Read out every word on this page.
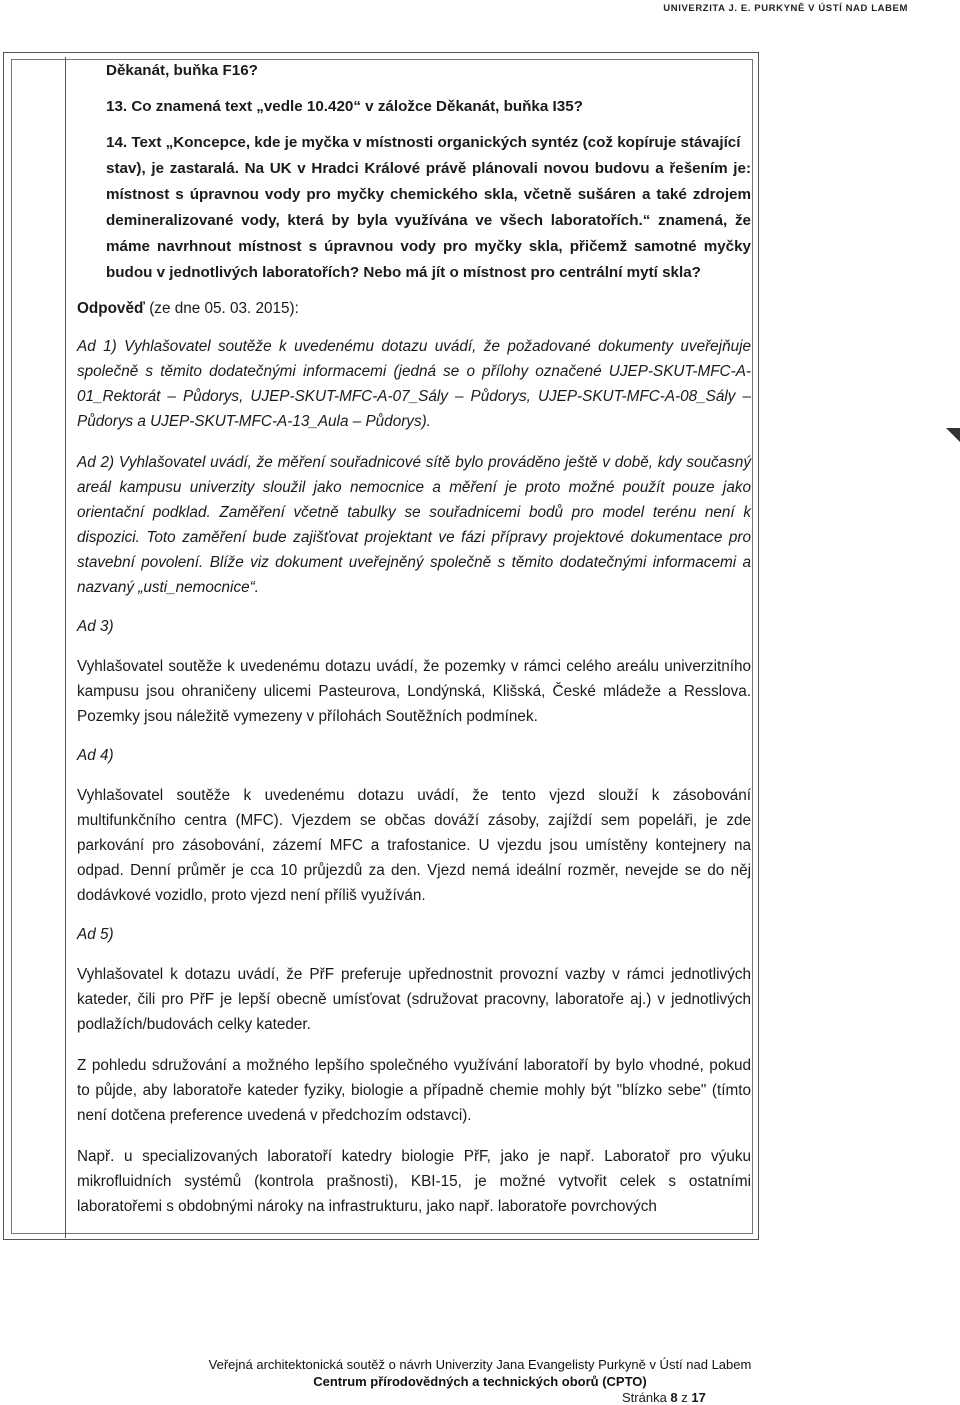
UNIVERZITA J. E. PURKYNĚ V ÚSTÍ NAD LABEM

Děkanát, buňka F16?

13. Co znamená text „vedle 10.420“ v záložce Děkanát, buňka I35?

14. Text „Koncepce, kde je myčka v místnosti organických syntéz (což kopíruje stávající

stav), je zastaralá. Na UK v Hradci Králové právě plánovali novou budovu a řešením je: místnost s úpravnou vody pro myčky chemického skla, včetně sušáren a také zdrojem demineralizované vody, která by byla využívána ve všech laboratořích.“ znamená, že máme navrhnout místnost s úpravnou vody pro myčky skla, přičemž samotné myčky budou v jednotlivých laboratořích? Nebo má jít o místnost pro centrální mytí skla?

Odpověď (ze dne 05. 03. 2015):

Ad 1) Vyhlašovatel soutěže k uvedenému dotazu uvádí, že požadované dokumenty uveřejňuje společně s těmito dodatečnými informacemi (jedná se o přílohy označené UJEP-SKUT-MFC-A-01_Rektorát – Půdorys, UJEP-SKUT-MFC-A-07_Sály – Půdorys, UJEP-SKUT-MFC-A-08_Sály – Půdorys a UJEP-SKUT-MFC-A-13_Aula – Půdorys).

Ad 2) Vyhlašovatel uvádí, že měření souřadnicové sítě bylo prováděno ještě v době, kdy současný areál kampusu univerzity sloužil jako nemocnice a měření je proto možné použít pouze jako orientační podklad. Zaměření včetně tabulky se souřadnicemi bodů pro model terénu není k dispozici. Toto zaměření bude zajišťovat projektant ve fázi přípravy projektové dokumentace pro stavební povolení. Blíže viz dokument uveřejněný společně s těmito dodatečnými informacemi a nazvaný „usti_nemocnice“.

Ad 3)

Vyhlašovatel soutěže k uvedenému dotazu uvádí, že pozemky v rámci celého areálu univerzitního kampusu jsou ohraničeny ulicemi Pasteurova, Londýnská, Klišská, České mládeže a Resslova. Pozemky jsou náležitě vymezeny v přílohách Soutěžních podmínek.

Ad 4)

Vyhlašovatel soutěže k uvedenému dotazu uvádí, že tento vjezd slouží k zásobování multifunkčního centra (MFC). Vjezdem se občas dováží zásoby, zajíždí sem popeláři, je zde parkování pro zásobování, zázemí MFC a trafostanice. U vjezdu jsou umístěny kontejnery na odpad. Denní průměr je cca 10 průjezdů za den. Vjezd nemá ideální rozměr, nevejde se do něj dodávkové vozidlo, proto vjezd není příliš využíván.

Ad 5)

Vyhlašovatel k dotazu uvádí, že PřF preferuje upřednostnit provozní vazby v rámci jednotlivých kateder, čili pro PřF je lepší obecně umísťovat (sdružovat pracovny, laboratoře aj.) v jednotlivých podlažích/budovách celky kateder.

Z pohledu sdružování a možného lepšího společného využívání laboratoří by bylo vhodné, pokud to půjde, aby laboratoře kateder fyziky, biologie a případně chemie mohly být "blízko sebe" (tímto není dotčena preference uvedená v předchozím odstavci).

Např. u specializovaných laboratoří katedry biologie PřF, jako je např. Laboratoř pro výuku mikrofluidních systémů (kontrola prašnosti), KBI-15, je možné vytvořit celek s ostatními laboratořemi s obdobnými nároky na infrastrukturu, jako např. laboratoře povrchových

Veřejná architektonická soutěž o návrh Univerzity Jana Evangelisty Purkyně v Ústí nad Labem
Centrum přírodovědných a technických oborů (CPTO)
Stránka 8 z 17
